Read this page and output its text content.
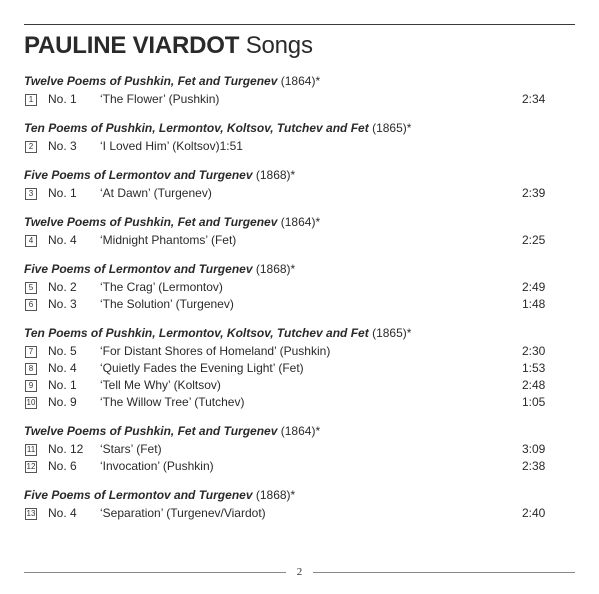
PAULINE VIARDOT Songs
Twelve Poems of Pushkin, Fet and Turgenev (1864)*
1	No. 1 ‘The Flower’ (Pushkin)	2:34
Ten Poems of Pushkin, Lermontov, Koltsov, Tutchev and Fet (1865)*
2	No. 3 ‘I Loved Him’ (Koltsov)1:51
Five Poems of Lermontov and Turgenev (1868)*
3	No. 1 ‘At Dawn’ (Turgenev)	2:39
Twelve Poems of Pushkin, Fet and Turgenev (1864)*
4	No. 4 ‘Midnight Phantoms’ (Fet)	2:25
Five Poems of Lermontov and Turgenev (1868)*
5	No. 2 ‘The Crag’ (Lermontov)	2:49
6	No. 3 ‘The Solution’ (Turgenev)	1:48
Ten Poems of Pushkin, Lermontov, Koltsov, Tutchev and Fet (1865)*
7	No. 5 ‘For Distant Shores of Homeland’ (Pushkin)	2:30
8	No. 4 ‘Quietly Fades the Evening Light’ (Fet)	1:53
9	No. 1 ‘Tell Me Why’ (Koltsov)	2:48
10 No. 9 ‘The Willow Tree’ (Tutchev)	1:05
Twelve Poems of Pushkin, Fet and Turgenev (1864)*
11 No. 12 ‘Stars’ (Fet)	3:09
12 No. 6 ‘Invocation’ (Pushkin)	2:38
Five Poems of Lermontov and Turgenev (1868)*
13 No. 4 ‘Separation’ (Turgenev/Viardot)	2:40
2
